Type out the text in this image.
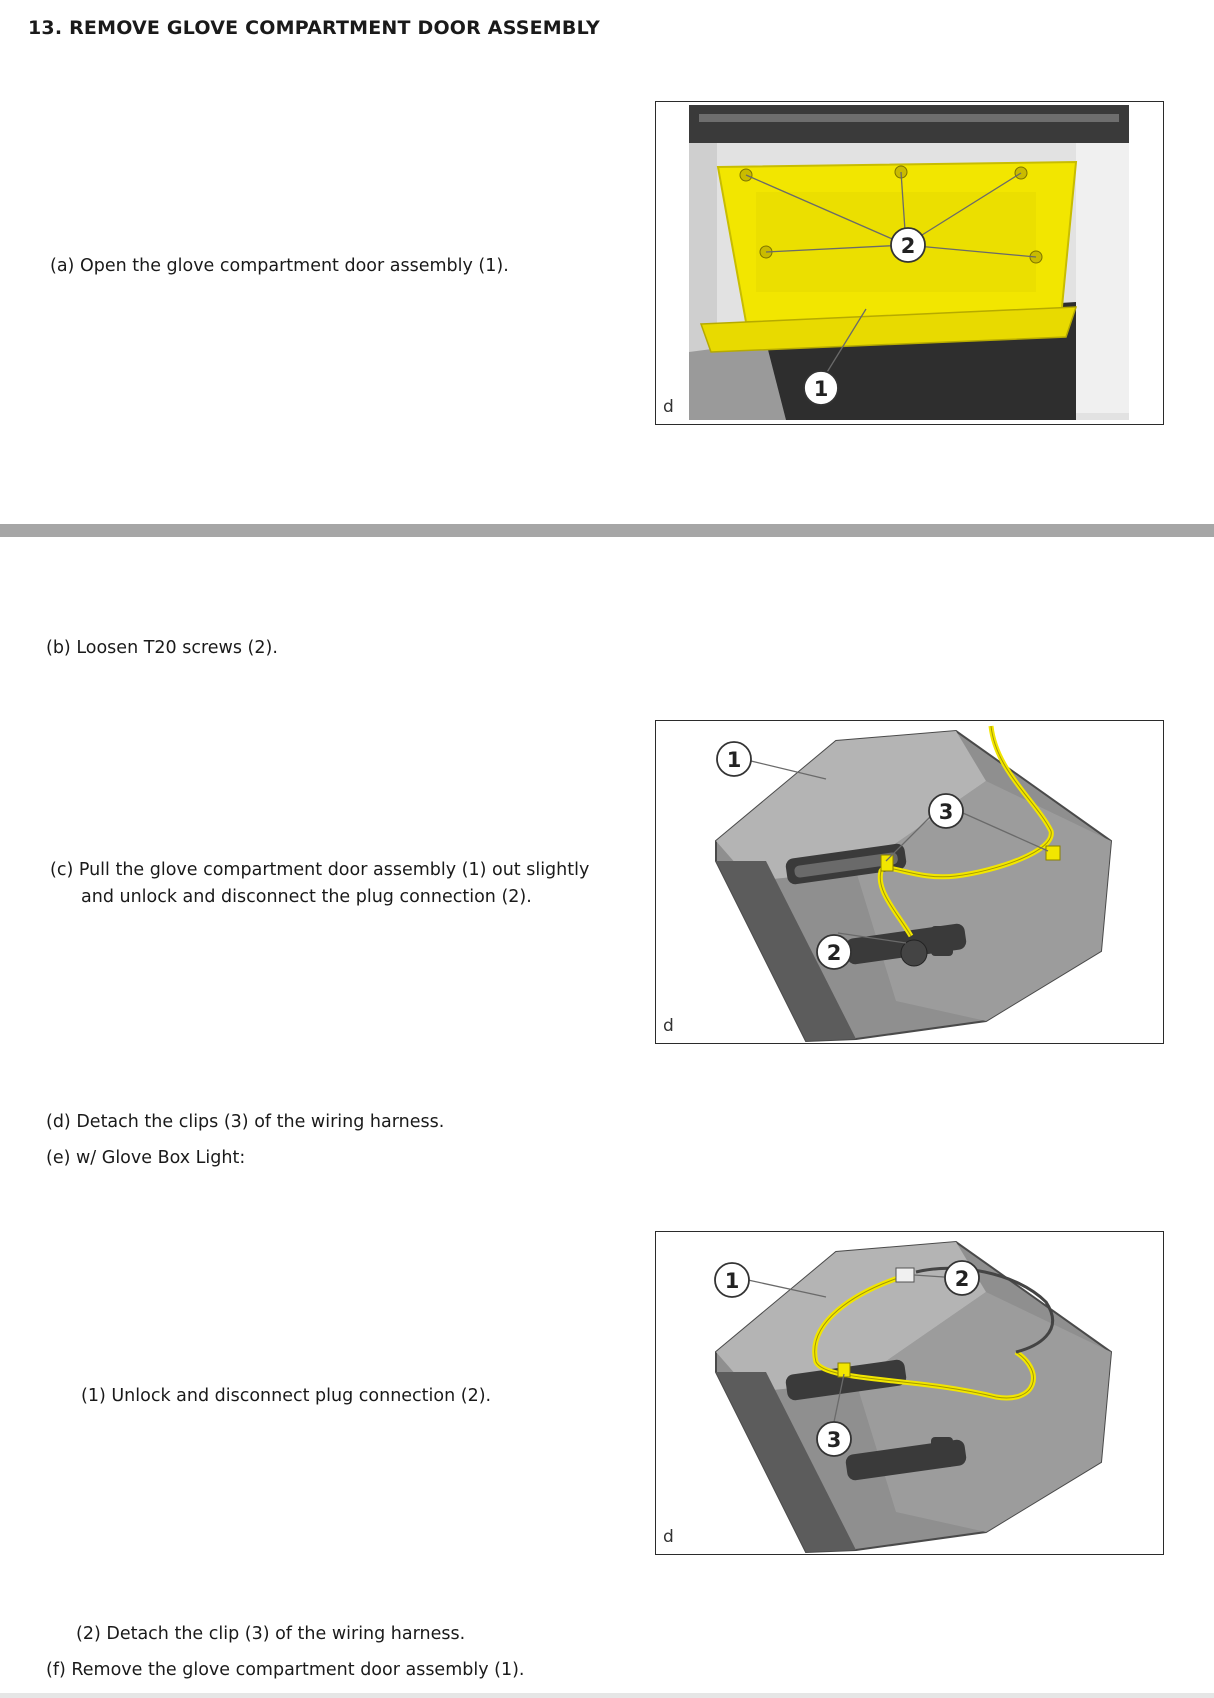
13. REMOVE GLOVE COMPARTMENT DOOR ASSEMBLY
(a) Open the glove compartment door assembly (1).
(b) Loosen T20 screws (2).
(c) Pull the glove compartment door assembly (1) out slightly
and unlock and disconnect the plug connection (2).
(d) Detach the clips (3) of the wiring harness.
(e) w/ Glove Box Light:
(1) Unlock and disconnect plug connection (2).
(2) Detach the clip (3) of the wiring harness.
(f) Remove the glove compartment door assembly (1).
2
1
d
1
3
2
d
1	2
3
d
